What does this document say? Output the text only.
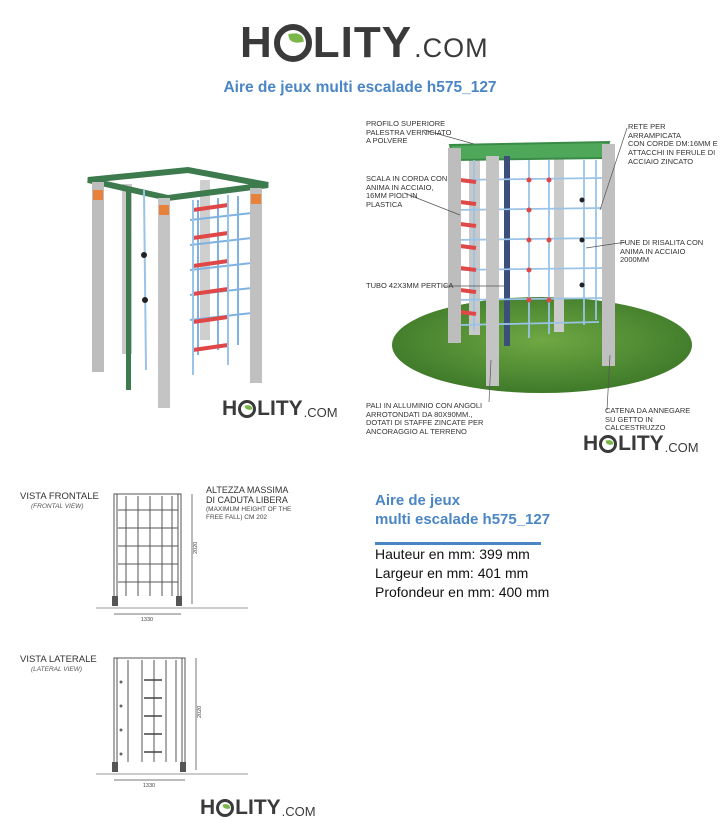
H LITY .COM
Aire de jeux multi escalade h575_127
H LITY .COM
PROFILO SUPERIORE
PALESTRA VERNICIATO
A POLVERE
RETE PER ARRAMPICATA
CON CORDE DM:16MM E
ATTACCHI IN FERULE DI
ACCIAIO ZINCATO
SCALA IN CORDA CON
ANIMA IN ACCIAIO,
16MM PIOLI IN
PLASTICA
FUNE DI RISALITA CON
ANIMA IN ACCIAIO
2000MM
TUBO 42X3MM PERTICA
PALI IN ALLUMINIO CON ANGOLI
ARROTONDATI DA 80X90MM.,
DOTATI DI STAFFE ZINCATE PER
ANCORAGGIO AL TERRENO
CATENA DA ANNEGARE
SU GETTO IN
CALCESTRUZZO
H LITY .COM
VISTA FRONTALE
(FRONTAL VIEW)
ALTEZZA MASSIMA
DI CADUTA LIBERA
(MAXIMUM HEIGHT OF THE
FREE FALL) CM 202
1330
2020
VISTA LATERALE
(LATERAL VIEW)
1330
2020
H LITY .COM
Aire de jeux
multi escalade h575_127
Hauteur en mm: 399 mm
Largeur en mm: 401 mm
Profondeur en mm: 400 mm
